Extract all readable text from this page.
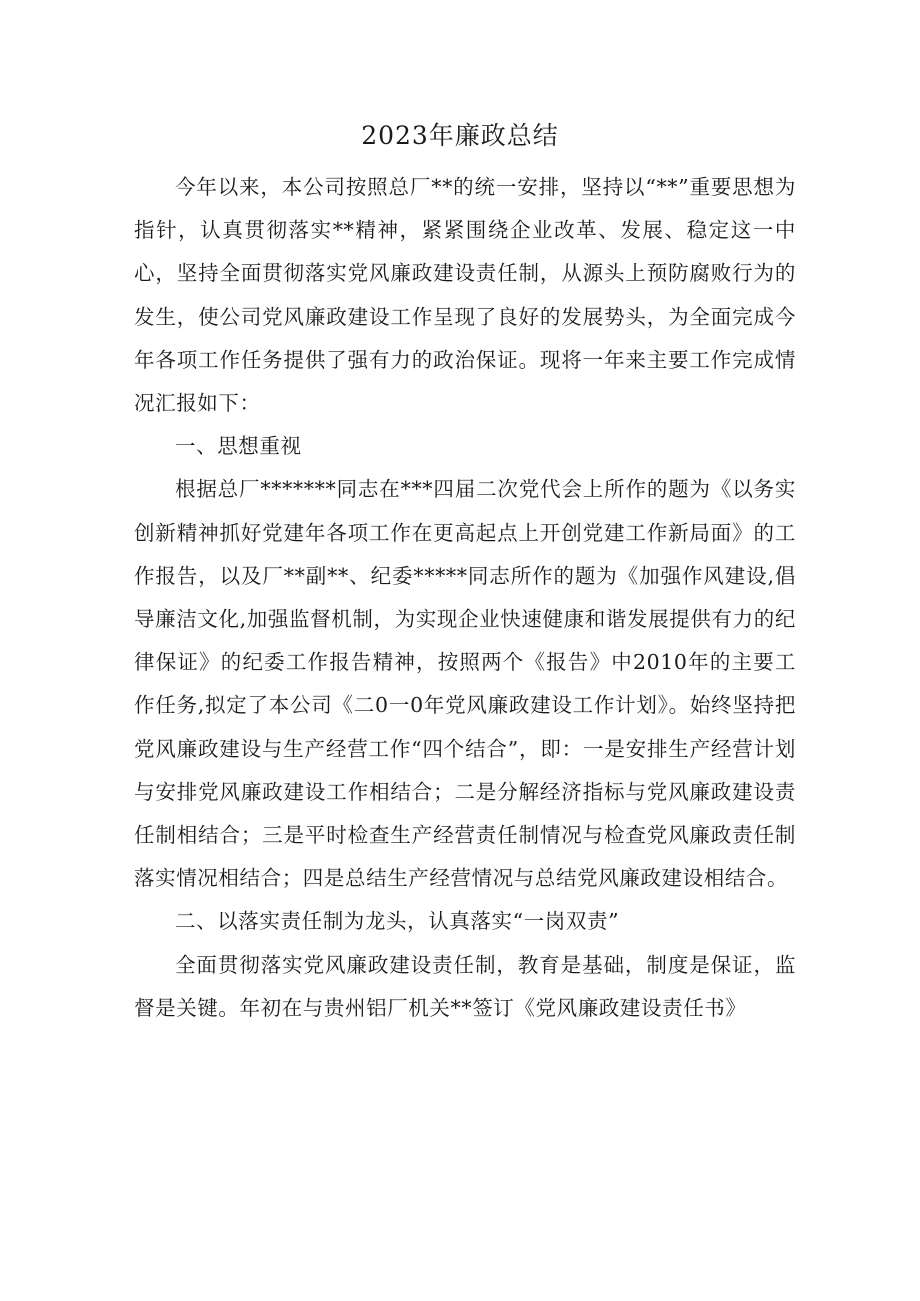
2023年廉政总结

今年以来，本公司按照总厂**的统一安排，坚持以“**”重要思想为指针，认真贯彻落实**精神，紧紧围绕企业改革、发展、稳定这一中心，坚持全面贯彻落实党风廉政建设责任制，从源头上预防腐败行为的发生，使公司党风廉政建设工作呈现了良好的发展势头，为全面完成今年各项工作任务提供了强有力的政治保证。现将一年来主要工作完成情况汇报如下：

一、思想重视

根据总厂*******同志在***四届二次党代会上所作的题为《以务实创新精神抓好党建年各项工作在更高起点上开创党建工作新局面》的工作报告，以及厂**副**、纪委*****同志所作的题为《加强作风建设,倡导廉洁文化,加强监督机制，为实现企业快速健康和谐发展提供有力的纪律保证》的纪委工作报告精神，按照两个《报告》中2010年的主要工作任务,拟定了本公司《二0一0年党风廉政建设工作计划》。始终坚持把党风廉政建设与生产经营工作“四个结合”，即：一是安排生产经营计划与安排党风廉政建设工作相结合；二是分解经济指标与党风廉政建设责任制相结合；三是平时检查生产经营责任制情况与检查党风廉政责任制落实情况相结合；四是总结生产经营情况与总结党风廉政建设相结合。

二、以落实责任制为龙头，认真落实“一岗双责”

全面贯彻落实党风廉政建设责任制，教育是基础，制度是保证，监督是关键。年初在与贵州铝厂机关**签订《党风廉政建设责任书》
